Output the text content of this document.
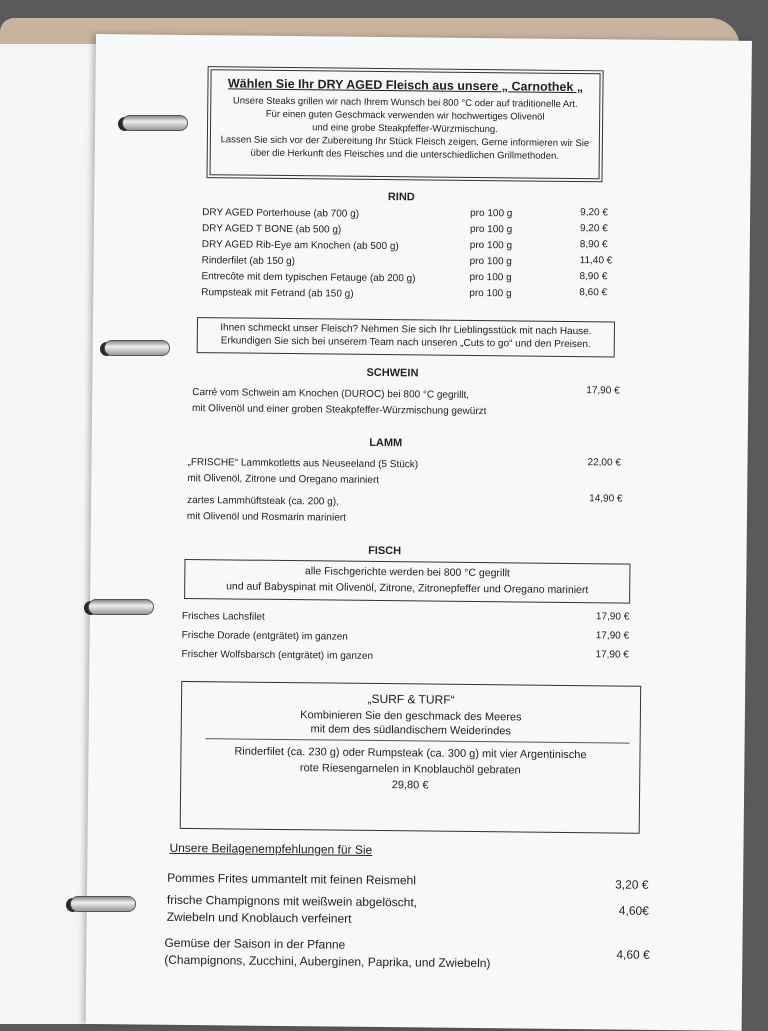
Wählen Sie Ihr DRY AGED Fleisch aus unsere „ Carnothek „
Unsere Steaks grillen wir nach Ihrem Wunsch bei 800 °C oder auf traditionelle Art.
Für einen guten Geschmack verwenden wir hochwertiges Olivenöl
und eine grobe Steakpfeffer-Würzmischung.
Lassen Sie sich vor der Zubereitung Ihr Stück Fleisch zeigen. Gerne informieren wir Sie
über die Herkunft des Fleisches und die unterschiedlichen Grillmethoden.
RIND
DRY AGED Porterhouse (ab 700 g)	pro 100 g	9,20 €
DRY AGED T BONE (ab 500 g)	pro 100 g	9,20 €
DRY AGED Rib-Eye am Knochen (ab 500 g)	pro 100 g	8,90 €
Rinderfilet (ab 150 g)	pro 100 g	11,40 €
Entrecôte mit dem typischen Fetauge (ab 200 g)	pro 100 g	8,90 €
Rumpsteak mit Fetrand (ab 150 g)	pro 100 g	8,60 €
Ihnen schmeckt unser Fleisch? Nehmen Sie sich Ihr Lieblingsstück mit nach Hause.
Erkundigen Sie sich bei unserem Team nach unseren „Cuts to go“ und den Preisen.
SCHWEIN
Carré vom Schwein am Knochen (DUROC) bei 800 °C gegrillt,
mit Olivenöl und einer groben Steakpfeffer-Würzmischung gewürzt
17,90 €
LAMM
„FRISCHE“ Lammkotletts aus Neuseeland (5 Stück)
mit Olivenöl, Zitrone und Oregano mariniert
22,00 €
zartes Lammhüftsteak (ca. 200 g),
mit Olivenöl und Rosmarin mariniert
14,90 €
FISCH
alle Fischgerichte werden bei 800 °C gegrillt
und auf Babyspinat mit Olivenöl, Zitrone, Zitronepfeffer und Oregano mariniert
Frisches Lachsfilet	17,90 €
Frische Dorade (entgrätet) im ganzen	17,90 €
Frischer Wolfsbarsch (entgrätet) im ganzen	17,90 €
„SURF & TURF“
Kombinieren Sie den geschmack des Meeres
mit dem des südlandischem Weiderindes
Rinderfilet (ca. 230 g) oder Rumpsteak (ca. 300 g) mit vier Argentinische
rote Riesengarnelen in Knoblauchöl gebraten
29,80 €
Unsere Beilagenempfehlungen für Sie
Pommes Frites ummantelt mit feinen Reismehl	3,20 €
frische Champignons mit weißwein abgelöscht,
Zwiebeln und Knoblauch verfeinert	4,60€
Gemüse der Saison in der Pfanne
(Champignons, Zucchini, Auberginen, Paprika, und Zwiebeln)	4,60 €
